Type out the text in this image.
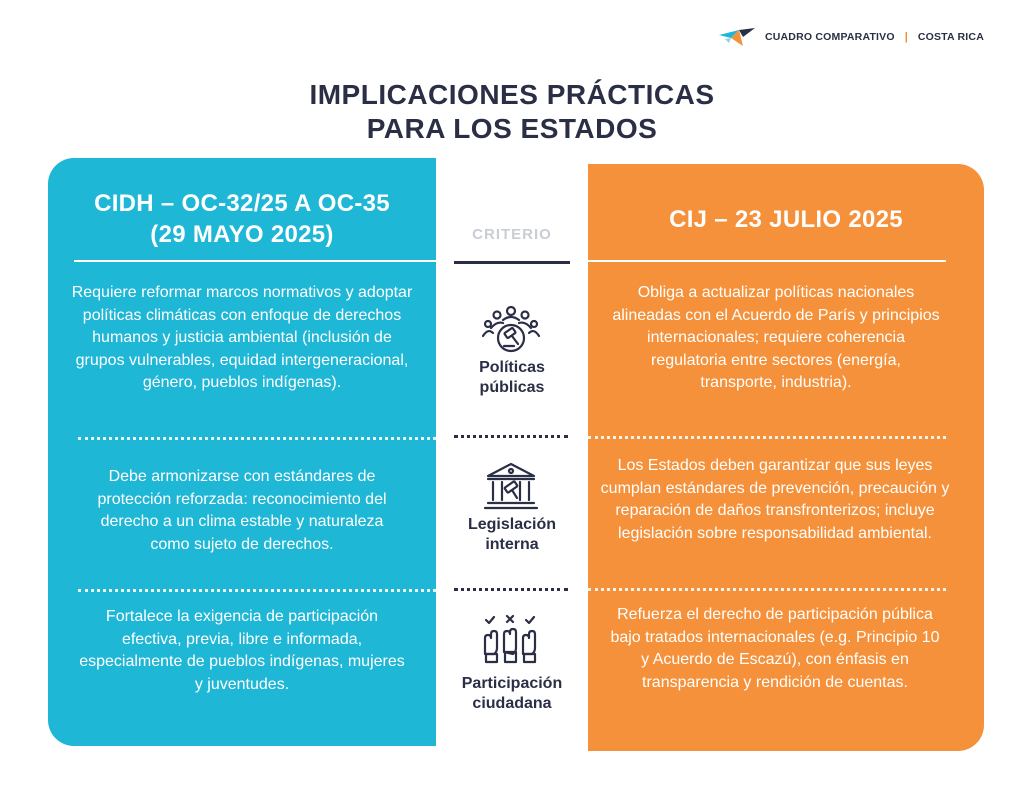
CUADRO COMPARATIVO | COSTA RICA
IMPLICACIONES PRÁCTICAS
PARA LOS ESTADOS
CIDH – OC-32/25 A OC-35
(29 MAYO 2025)
Requiere reformar marcos normativos y adoptar políticas climáticas con enfoque de derechos humanos y justicia ambiental (inclusión de grupos vulnerables, equidad intergeneracional, género, pueblos indígenas).
Debe armonizarse con estándares de protección reforzada: reconocimiento del derecho a un clima estable y naturaleza como sujeto de derechos.
Fortalece la exigencia de participación efectiva, previa, libre e informada, especialmente de pueblos indígenas, mujeres y juventudes.
CRITERIO
Políticas
públicas
Legislación
interna
Participación
ciudadana
CIJ – 23 JULIO 2025
Obliga a actualizar políticas nacionales alineadas con el Acuerdo de París y principios internacionales; requiere coherencia regulatoria entre sectores (energía, transporte, industria).
Los Estados deben garantizar que sus leyes cumplan estándares de prevención, precaución y reparación de daños transfronterizos; incluye legislación sobre responsabilidad ambiental.
Refuerza el derecho de participación pública bajo tratados internacionales (e.g. Principio 10 y Acuerdo de Escazú), con énfasis en transparencia y rendición de cuentas.
